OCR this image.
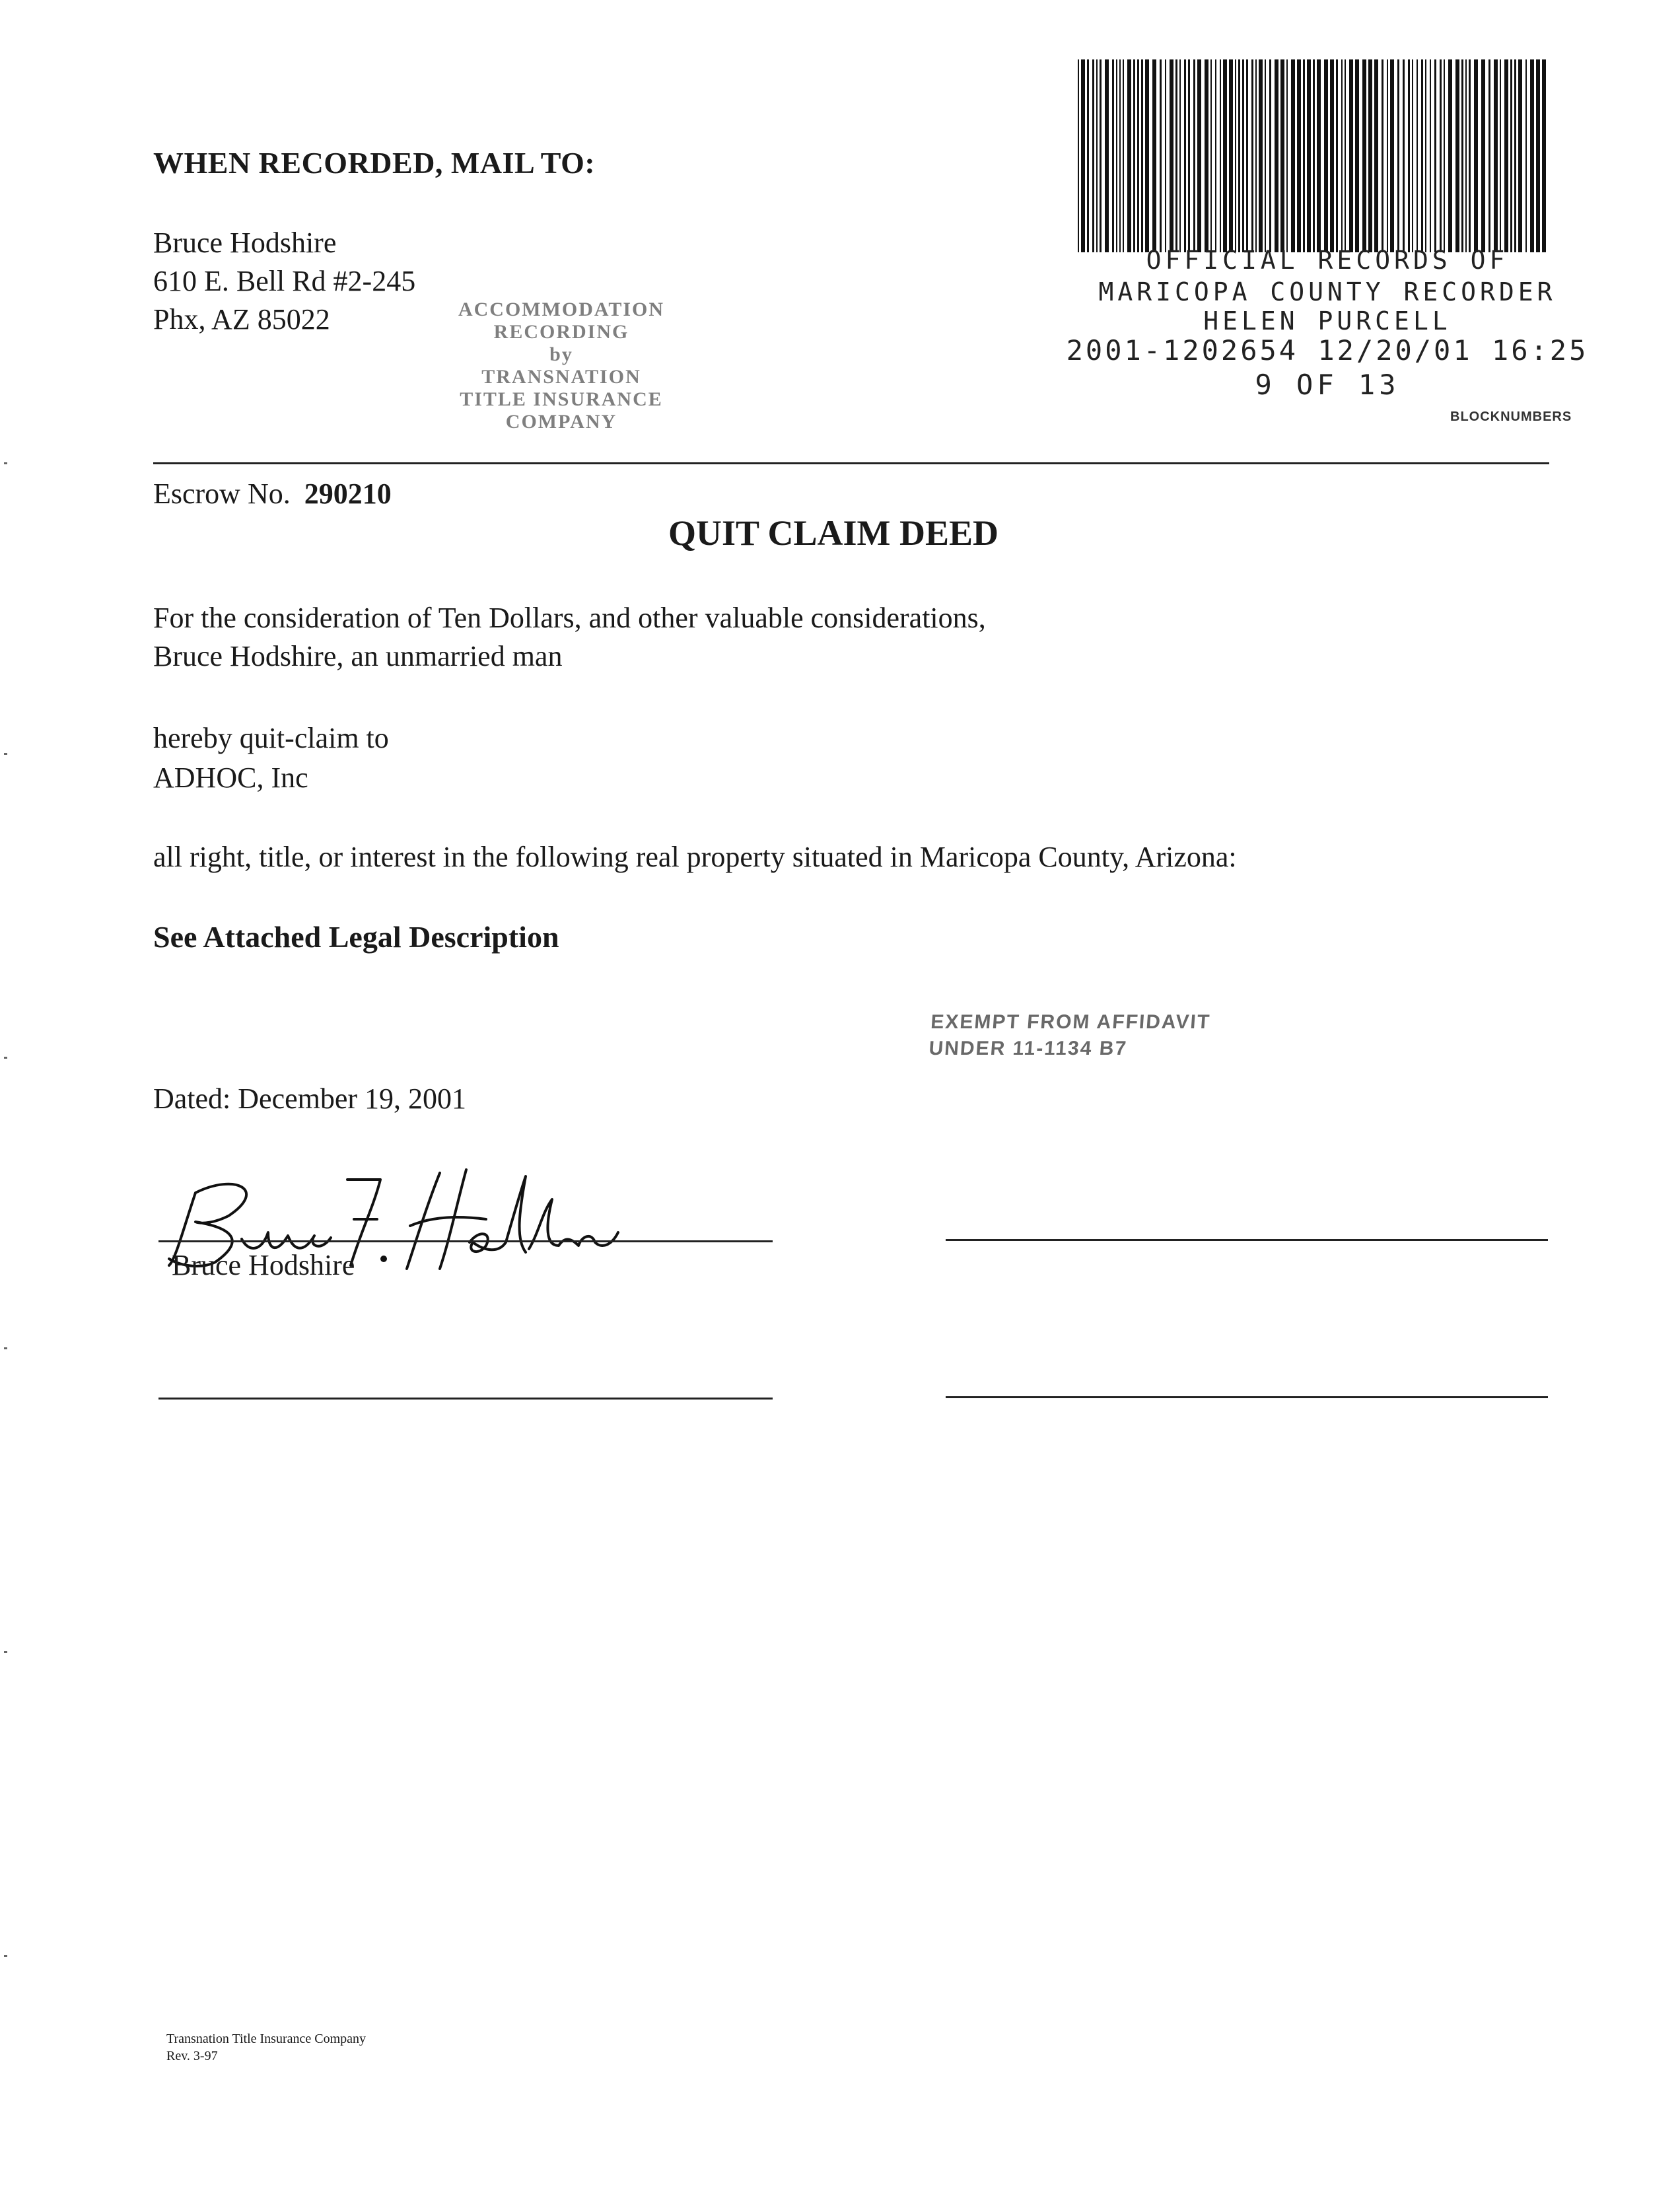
WHEN RECORDED, MAIL TO:
Bruce Hodshire
610 E. Bell Rd #2-245
Phx, AZ 85022	ACCOMMODATION
RECORDING
by
TRANSNATION
TITLE INSURANCE
COMPANY
OFFICIAL RECORDS OF
MARICOPA COUNTY RECORDER
HELEN PURCELL
2001-1202654 12/20/01 16:25
9 OF 13
BLOCKNUMBERS
Escrow No. 290210
QUIT CLAIM DEED
For the consideration of Ten Dollars, and other valuable considerations,
Bruce Hodshire, an unmarried man
hereby quit-claim to
ADHOC, Inc
all right, title, or interest in the following real property situated in Maricopa County, Arizona:
See Attached Legal Description
EXEMPT FROM AFFIDAVIT
UNDER 11-1134 B7
Dated: December 19, 2001
Bruce Hodshire
Transnation Title Insurance Company
Rev. 3-97
